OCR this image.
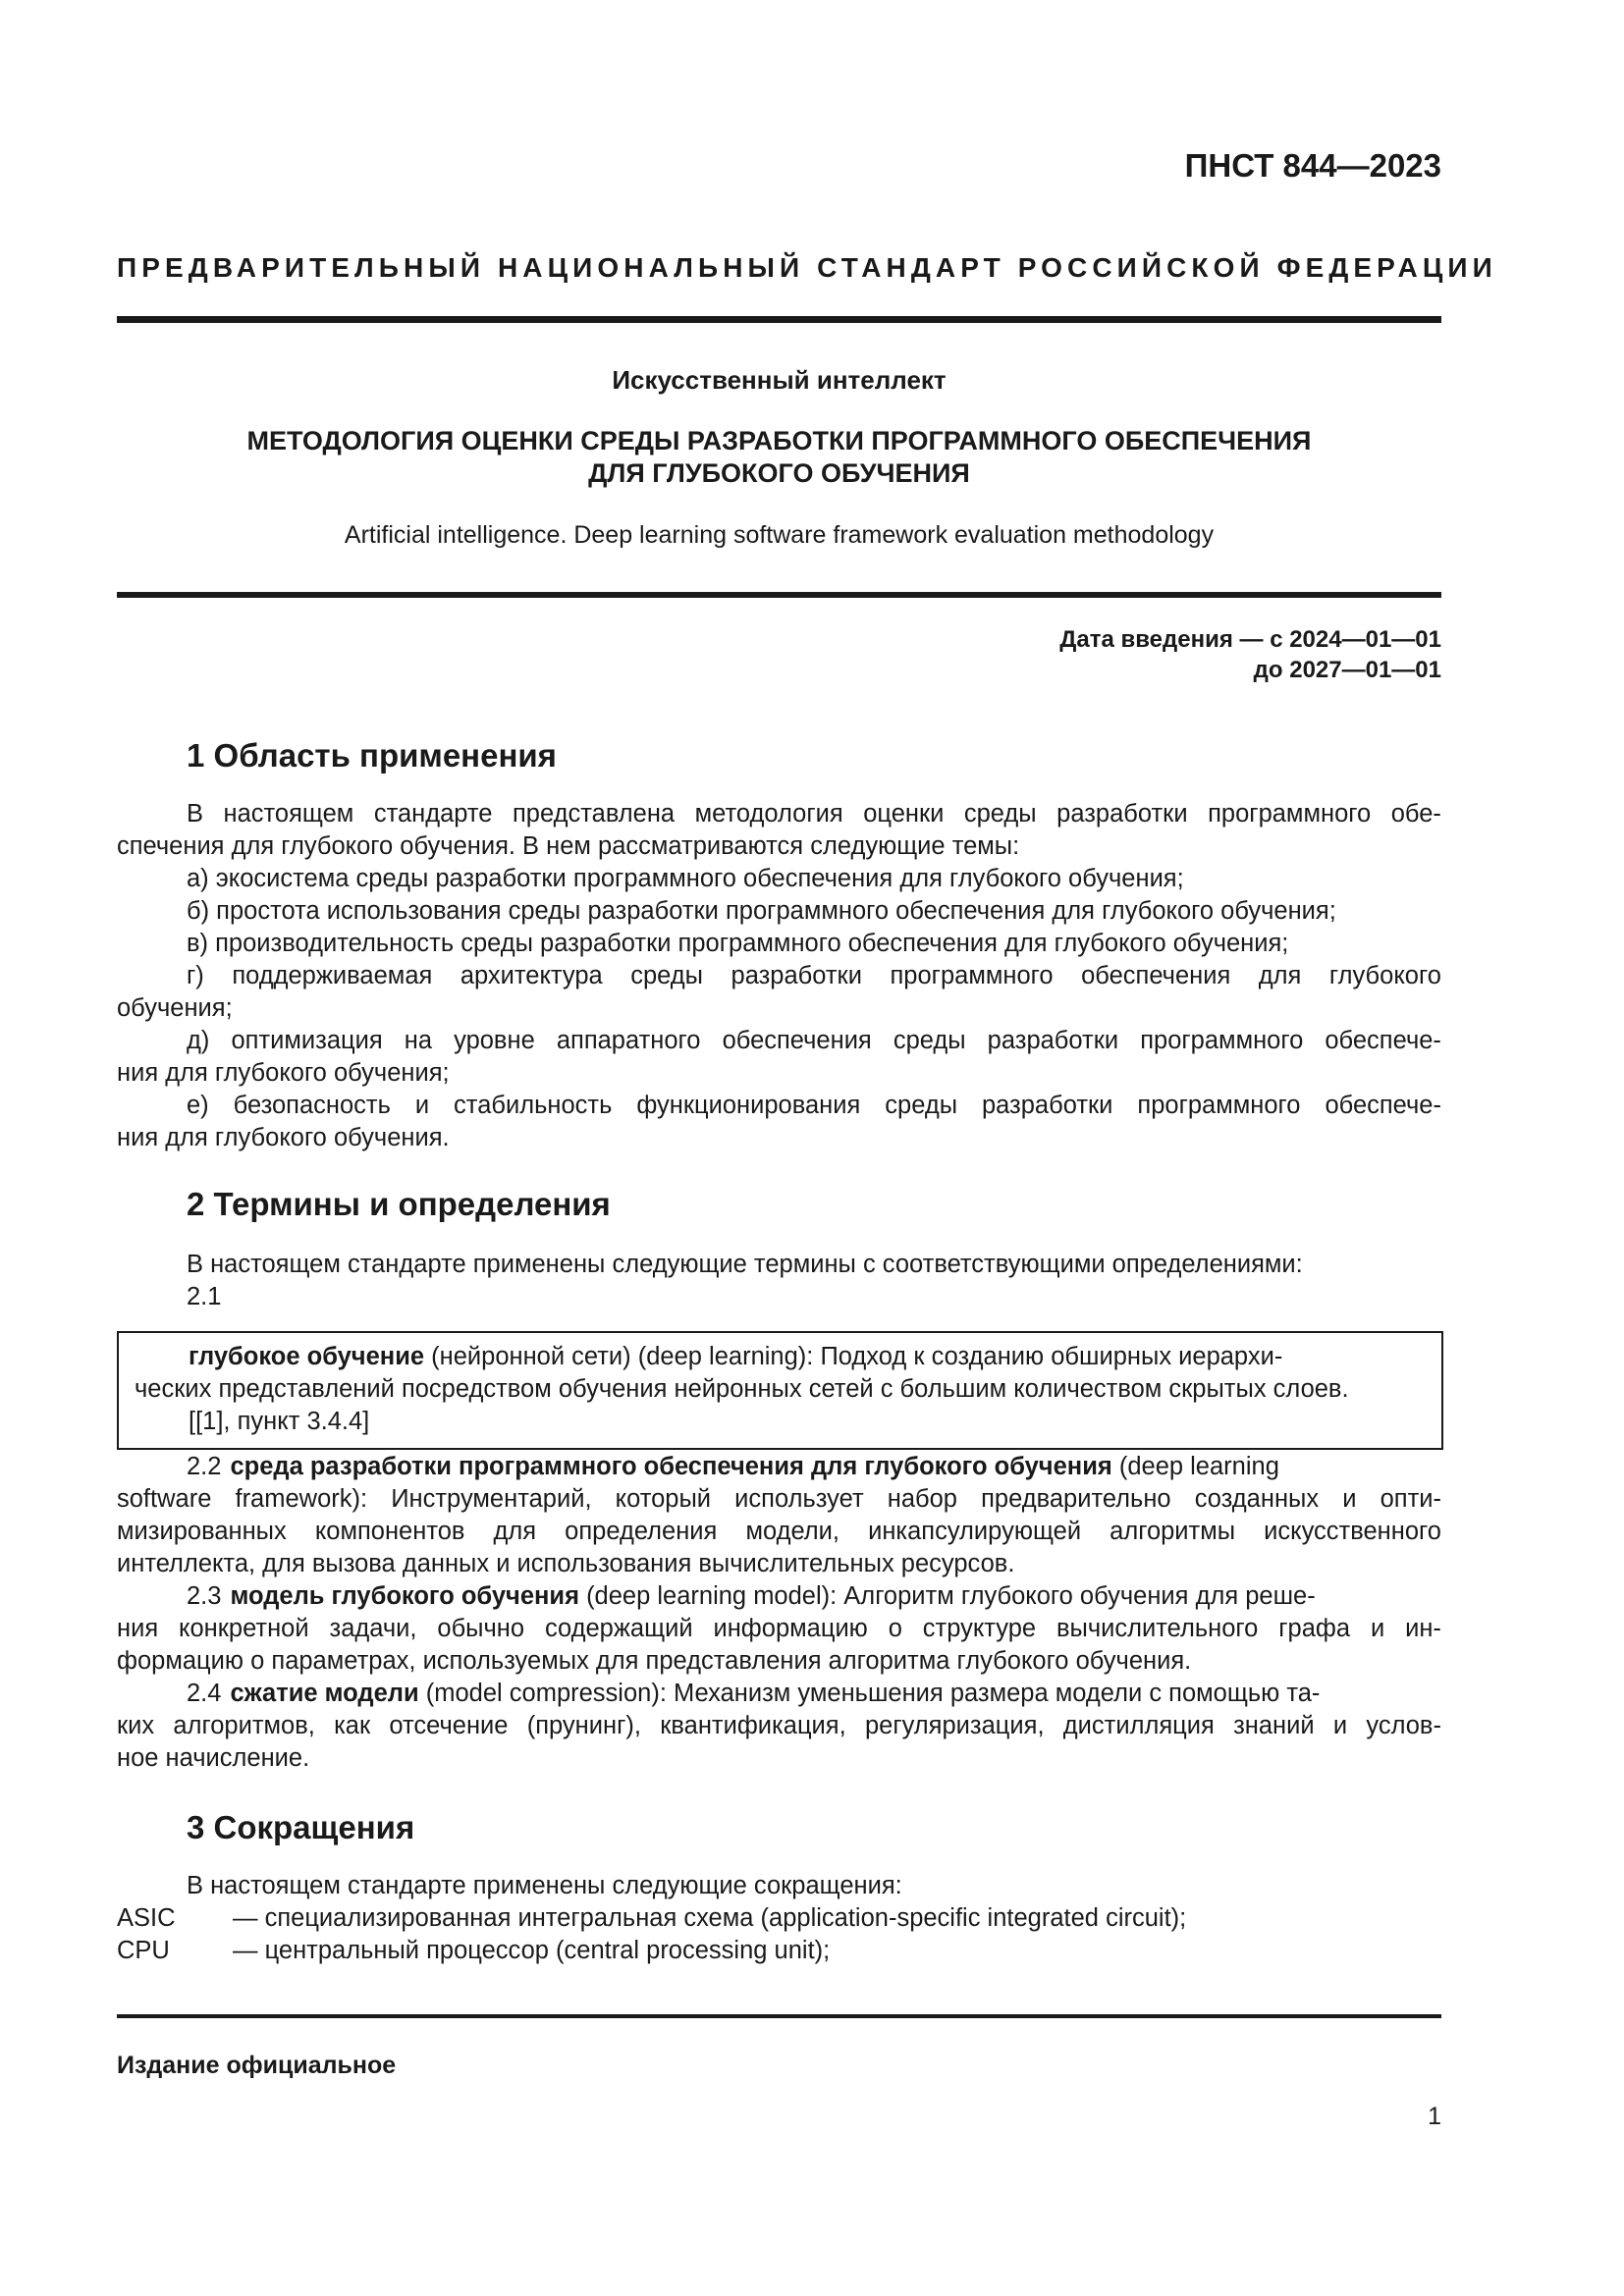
ПНСТ 844—2023
ПРЕДВАРИТЕЛЬНЫЙ НАЦИОНАЛЬНЫЙ СТАНДАРТ РОССИЙСКОЙ ФЕДЕРАЦИИ
Искусственный интеллект
МЕТОДОЛОГИЯ ОЦЕНКИ СРЕДЫ РАЗРАБОТКИ ПРОГРАММНОГО ОБЕСПЕЧЕНИЯ
ДЛЯ ГЛУБОКОГО ОБУЧЕНИЯ
Artificial intelligence. Deep learning software framework evaluation methodology
Дата введения — с 2024—01—01
до 2027—01—01
1 Область применения
В настоящем стандарте представлена методология оценки среды разработки программного обе-
спечения для глубокого обучения. В нем рассматриваются следующие темы:
а) экосистема среды разработки программного обеспечения для глубокого обучения;
б) простота использования среды разработки программного обеспечения для глубокого обучения;
в) производительность среды разработки программного обеспечения для глубокого обучения;
г) поддерживаемая архитектура среды разработки программного обеспечения для глубокого
обучения;
д) оптимизация на уровне аппаратного обеспечения среды разработки программного обеспече-
ния для глубокого обучения;
е) безопасность и стабильность функционирования среды разработки программного обеспече-
ния для глубокого обучения.
2 Термины и определения
В настоящем стандарте применены следующие термины с соответствующими определениями:
2.1
глубокое обучение (нейронной сети) (deep learning): Подход к созданию обширных иерархи-
ческих представлений посредством обучения нейронных сетей с большим количеством скрытых слоев.
[[1], пункт 3.4.4]
2.2 среда разработки программного обеспечения для глубокого обучения (deep learning
software framework): Инструментарий, который использует набор предварительно созданных и опти-
мизированных компонентов для определения модели, инкапсулирующей алгоритмы искусственного
интеллекта, для вызова данных и использования вычислительных ресурсов.
2.3 модель глубокого обучения (deep learning model): Алгоритм глубокого обучения для реше-
ния конкретной задачи, обычно содержащий информацию о структуре вычислительного графа и ин-
формацию о параметрах, используемых для представления алгоритма глубокого обучения.
2.4 сжатие модели (model compression): Механизм уменьшения размера модели с помощью та-
ких алгоритмов, как отсечение (прунинг), квантификация, регуляризация, дистилляция знаний и услов-
ное начисление.
3 Сокращения
В настоящем стандарте применены следующие сокращения:
ASIC — специализированная интегральная схема (application-specific integrated circuit);
CPU	— центральный процессор (central processing unit);
Издание официальное
1
